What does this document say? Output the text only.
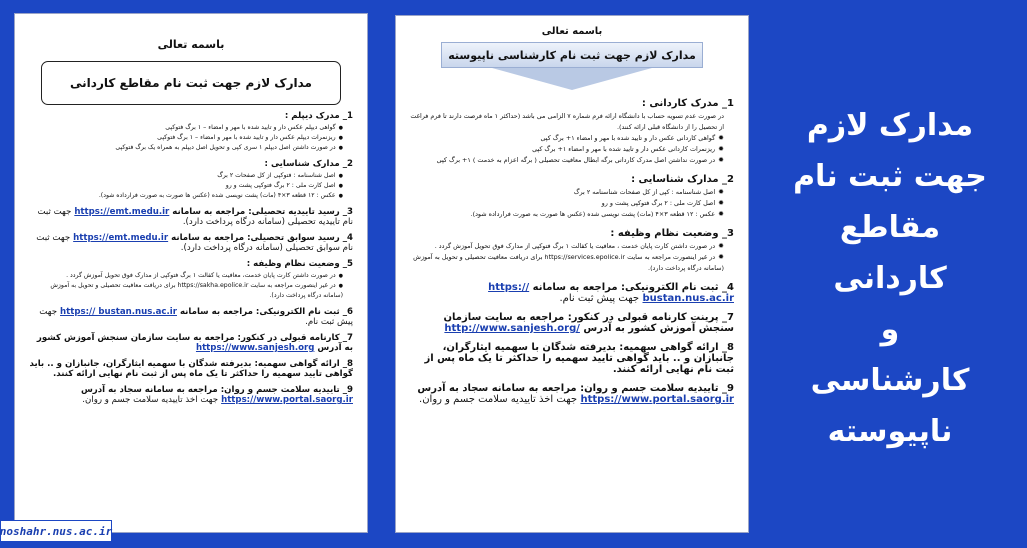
باسمه تعالی
مدارک لازم جهت ثبت نام مقاطع کاردانی
1_ مدرک دیپلم :
● گواهی دیپلم عکس دار و تایید شده با مهر و امضاء – ۱ برگ فتوکپی
● ریزنمرات دیپلم عکس دار و تایید شده با مهر و امضاء – ۱ برگ فتوکپی
● در صورت داشتن اصل دیپلم ۱ سری کپی و تحویل اصل دیپلم به همراه یک برگ فتوکپی
2_ مدارک شناسایی :
● اصل شناسنامه : فتوکپی از کل صفحات ۲ برگ
● اصل کارت ملی : ۲ برگ فتوکپی پشت و رو
● عکس : ۱۲ قطعه ۳×۴ (مات) پشت نویسی شده (عکس ها صورت به صورت فرارداده شود).
3_ رسید تاییدیه تحصیلی: مراجعه به سامانه https://emt.medu.ir جهت ثبت نام تاییدیه تحصیلی (سامانه درگاه پرداخت دارد).
4_ رسید سوابق تحصیلی: مراجعه به سامانه https://emt.medu.ir جهت ثبت نام سوابق تحصیلی (سامانه درگاه پرداخت دارد).
5_ وضعیت نظام وظیفه :
● در صورت داشتن کارت پایان خدمت، معافیت یا کفالت ۱ برگ فتوکپی از مدارک فوق تحویل آموزش گردد .
● در غیر اینصورت مراجعه به سایت https://sakha.epolice.ir برای دریافت معافیت تحصیلی و تحویل به آموزش (سامانه درگاه پرداخت دارد).
6_ ثبت نام الکترونیکی: مراجعه به سامانه https:// bustan.nus.ac.ir جهت پیش ثبت نام.
7_ کارنامه قبولی در کنکور: مراجعه به سایت سازمان سنجش آموزش کشور به آدرس https://www.sanjesh.org
8_ ارائه گواهی سهمیه: بدیرفته شدگان با سهمیه ایثارگران، جانبازان و .. باید گواهی تایید سهمیه را حداکثر تا یک ماه پس از ثبت نام نهایی ارائه کنند.
9_ تاییدیه سلامت جسم و روان: مراجعه به سامانه سجاد به آدرس https://www.portal.saorg.ir جهت اخذ تاییدیه سلامت جسم و روان.
باسمه تعالی
مدارک لازم جهت ثبت نام کارشناسی ناپیوسته
1_ مدرک کاردانی :
در صورت عدم تسویه حساب با دانشگاه ارائه فرم شماره ۷ الزامی می باشد (حداکثر ۱ ماه فرصت دارند تا فرم فراغت از تحصیل را از دانشگاه قبلی ارائه کنند).
✹ گواهی کاردانی عکس دار و تایید شده با مهر و امضاء ۱+ برگ کپی
✹ ریزنمرات کاردانی عکس دار و تایید شده با مهر و امضاء ۱+ برگ کپی
✹ در صورت نداشتن اصل مدرک کاردانی برگه ابطال معافیت تحصیلی ( برگه اعزام به خدمت ) ۱+ برگ کپی
2_ مدارک شناسایی :
✹ اصل شناسنامه : کپی از کل صفحات شناسنامه ۲ برگ
✹ اصل کارت ملی : ۲ برگ فتوکپی پشت و رو
✹ عکس : ۱۲ قطعه ۳×۴ (مات) پشت نویسی شده (عکس ها صورت به صورت فرارداده شود).
3_ وضعیت نظام وظیفه :
✹ در صورت داشتن کارت پایان خدمت ، معافیت یا کفالت ۱ برگ فتوکپی از مدارک فوق تحویل آموزش گردد .
✹ در غیر اینصورت مراجعه به سایت https://services.epolice.ir برای دریافت معافیت تحصیلی و تحویل به آموزش (سامانه درگاه پرداخت دارد).
4_ ثبت نام الکترونیکی: مراجعه به سامانه https:// bustan.nus.ac.ir جهت پیش ثبت نام.
7_ پرینت کارنامه قبولی در کنکور: مراجعه به سایت سازمان سنجش آموزش کشور به آدرس http://www.sanjesh.org/
8_ ارائه گواهی سهمیه: بدیرفته شدگان با سهمیه ایثارگران، جانبازان و .. باید گواهی تایید سهمیه را حداکثر تا یک ماه پس از ثبت نام نهایی ارائه کنند.
9_ تاییدیه سلامت جسم و روان: مراجعه به سامانه سجاد به آدرس https://www.portal.saorg.ir جهت اخذ تاییدیه سلامت جسم و روان.
مدارک لازم
جهت ثبت نام
مقاطع
کاردانی
و
کارشناسی ناپیوسته
noshahr.nus.ac.ir
